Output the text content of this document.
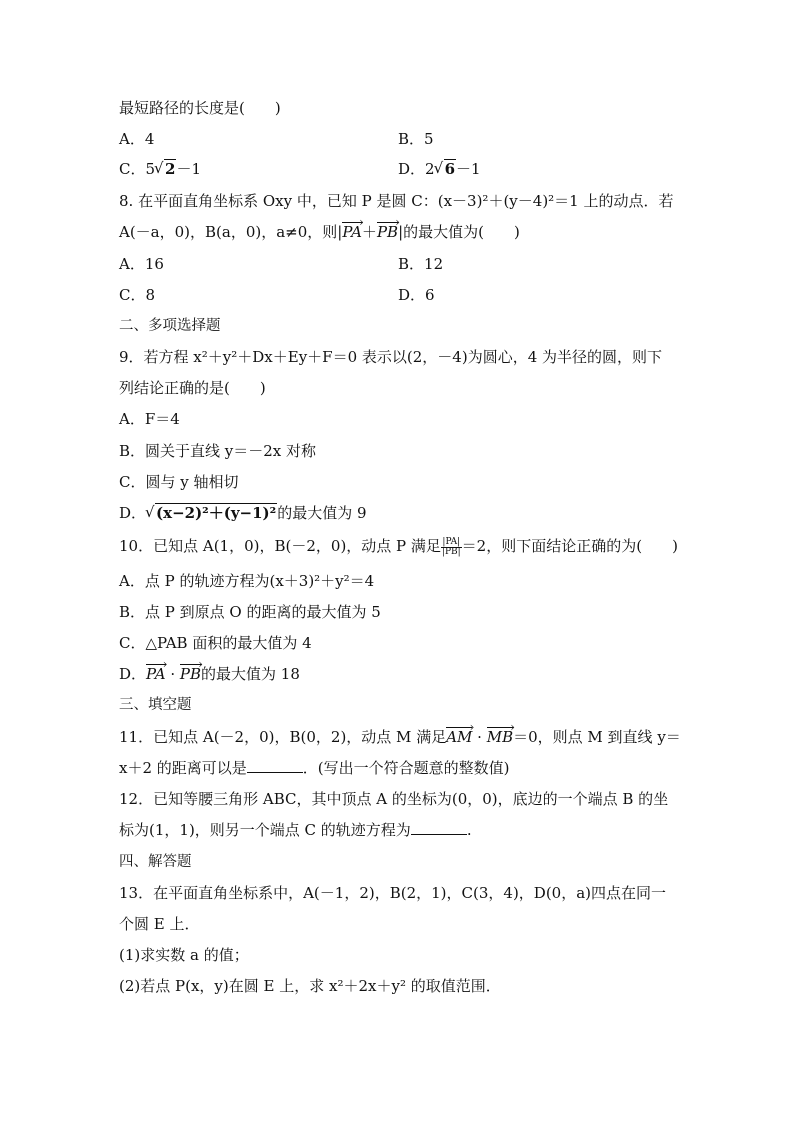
最短路径的长度是(　　)
A．4	B．5
C．5 √ 2－1	D．2 √ 6－1
8. 在平面直角坐标系 Oxy 中，已知 P 是圆 C：(x－3)²＋(y－4)²＝1 上的动点．若
A(－a，0)，B(a，0)，a≠0，则|› PA＋› PB|的最大值为(　　)
A．16	B．12
C．8	D．6
二、多项选择题
9．若方程 x²＋y²＋Dx＋Ey＋F＝0 表示以(2，－4)为圆心，4 为半径的圆，则下
列结论正确的是(　　)
A．F＝4
B．圆关于直线 y＝－2x 对称
C．圆与 y 轴相切
D． √ (x−2)²＋(y−1)²的最大值为 9
10．已知点 A(1，0)，B(－2，0)，动点 P 满足 $\frac{|PA|}{|PB|} =2$，则下面结论正确的为(　　)
A．点 P 的轨迹方程为(x＋3)²＋y²＝4
B．点 P 到原点 O 的距离的最大值为 5
C．△PAB 面积的最大值为 4
D．› PA · › PB的最大值为 18
三、填空题
11．已知点 A(－2，0)，B(0，2)，动点 M 满足› AM · › MB＝0，则点 M 到直线 y＝
x＋2 的距离可以是	．(写出一个符合题意的整数值)
12．已知等腰三角形 ABC，其中顶点 A 的坐标为(0，0)，底边的一个端点 B 的坐
标为(1，1)，则另一个端点 C 的轨迹方程为	.
四、解答题
13．在平面直角坐标系中，A(－1，2)，B(2，1)，C(3，4)，D(0，a)四点在同一
个圆 E 上．
(1)求实数 a 的值；
(2)若点 P(x，y)在圆 E 上，求 x²＋2x＋y² 的取值范围．
